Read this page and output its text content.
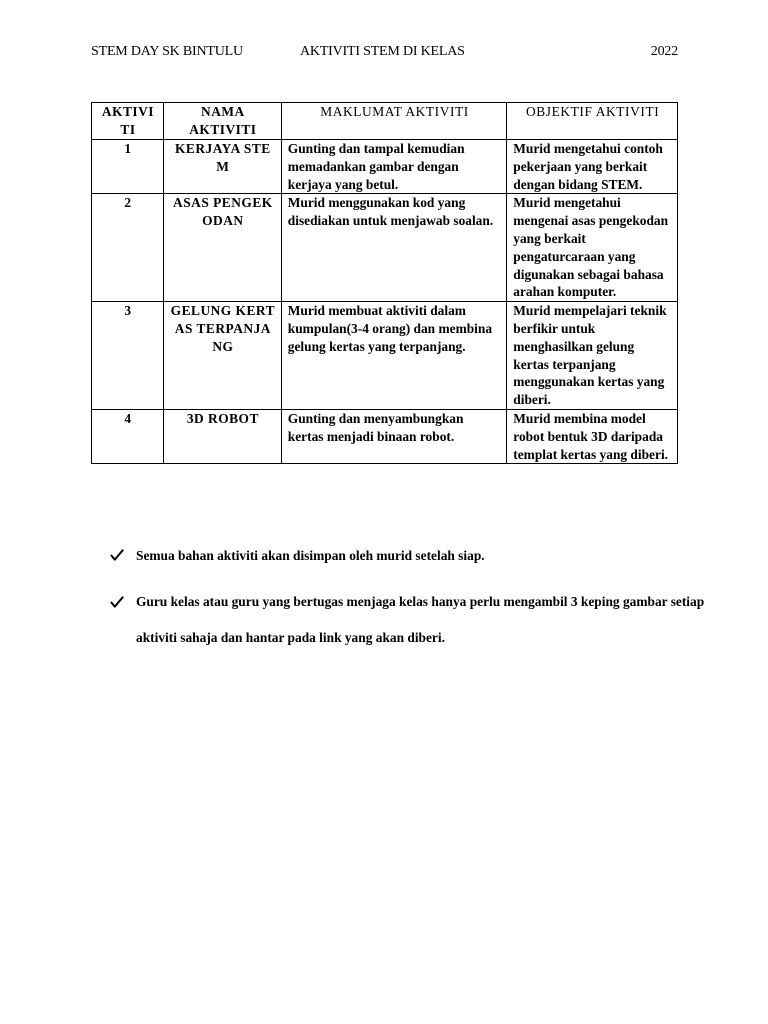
STEM DAY SK BINTULU	AKTIVITI STEM DI KELAS	2022
AKTIVI TI	NAMA AKTIVITI	MAKLUMAT AKTIVITI	OBJEKTIF AKTIVITI
1	KERJAYA STEM	Gunting dan tampal kemudian memadankan gambar dengan kerjaya yang betul.	Murid mengetahui contoh pekerjaan yang berkait dengan bidang STEM.
2	ASAS PENGEKODAN	Murid menggunakan kod yang disediakan untuk menjawab soalan.	Murid mengetahui mengenai asas pengekodan yang berkait pengaturcaraan yang digunakan sebagai bahasa arahan komputer.
3	GELUNG KERTAS TERPANJANG	Murid membuat aktiviti dalam kumpulan(3-4 orang) dan membina gelung kertas yang terpanjang.	Murid mempelajari teknik berfikir untuk menghasilkan gelung kertas terpanjang menggunakan kertas yang diberi.
4	3D ROBOT	Gunting dan menyambungkan kertas menjadi binaan robot.	Murid membina model robot bentuk 3D daripada templat kertas yang diberi.

Semua bahan aktiviti akan disimpan oleh murid setelah siap.

Guru kelas atau guru yang bertugas menjaga kelas hanya perlu mengambil 3 keping gambar setiap aktiviti sahaja dan hantar pada link yang akan diberi.
